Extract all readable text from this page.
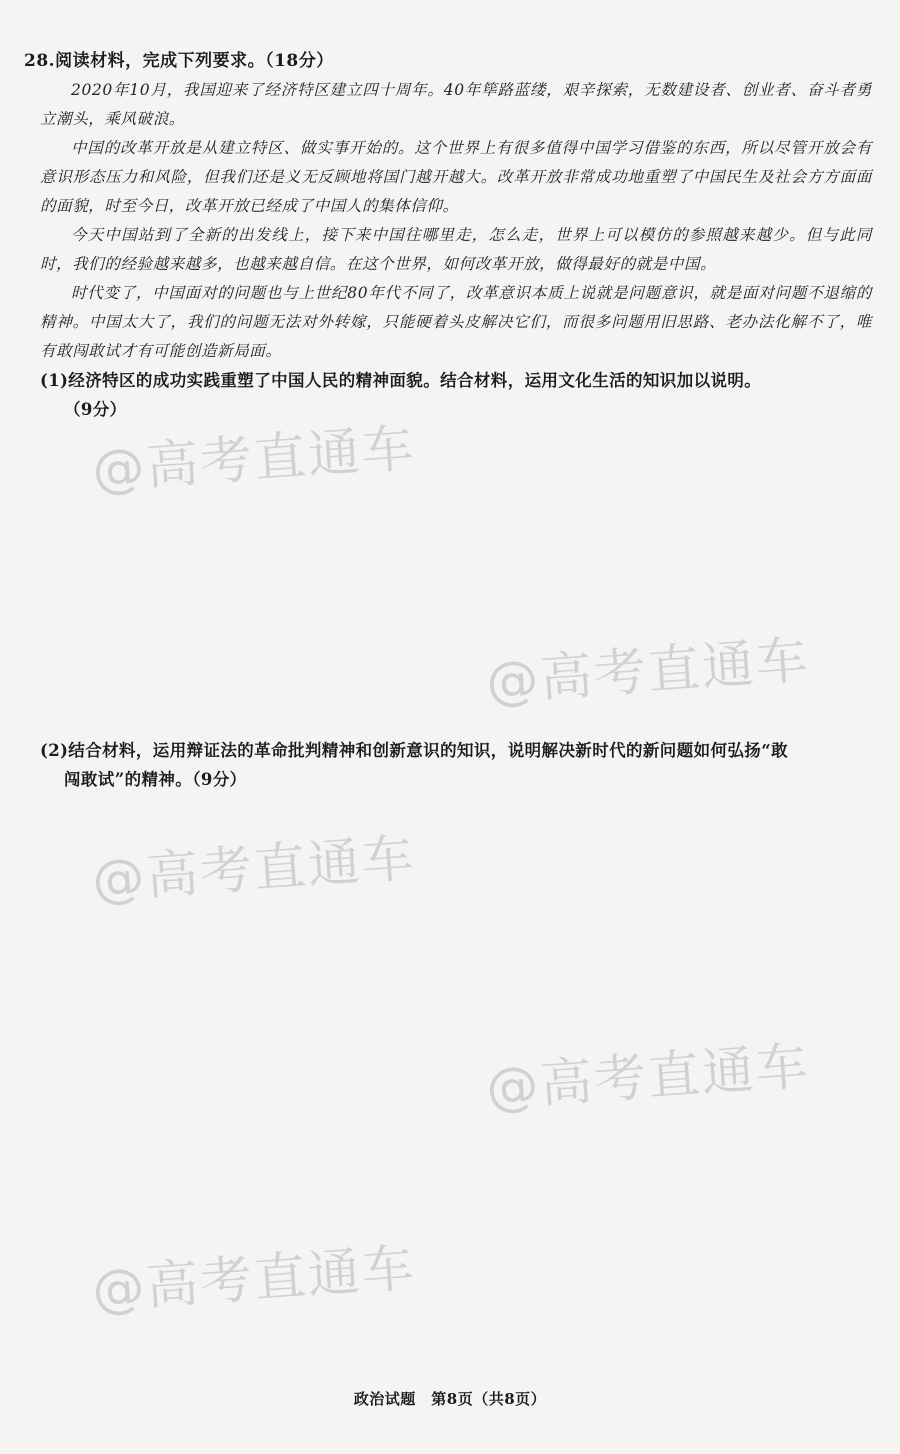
28.阅读材料，完成下列要求。（18分）

2020年10月，我国迎来了经济特区建立四十周年。40年筚路蓝缕，艰辛探索，无数建设者、创业者、奋斗者勇立潮头，乘风破浪。

中国的改革开放是从建立特区、做实事开始的。这个世界上有很多值得中国学习借鉴的东西，所以尽管开放会有意识形态压力和风险，但我们还是义无反顾地将国门越开越大。改革开放非常成功地重塑了中国民生及社会方方面面的面貌，时至今日，改革开放已经成了中国人的集体信仰。

今天中国站到了全新的出发线上，接下来中国往哪里走，怎么走，世界上可以模仿的参照越来越少。但与此同时，我们的经验越来越多，也越来越自信。在这个世界，如何改革开放，做得最好的就是中国。

时代变了，中国面对的问题也与上世纪80年代不同了，改革意识本质上说就是问题意识，就是面对问题不退缩的精神。中国太大了，我们的问题无法对外转嫁，只能硬着头皮解决它们，而很多问题用旧思路、老办法化解不了，唯有敢闯敢试才有可能创造新局面。

(1)经济特区的成功实践重塑了中国人民的精神面貌。结合材料，运用文化生活的知识加以说明。
（9分）
(2)结合材料，运用辩证法的革命批判精神和创新意识的知识，说明解决新时代的新问题如何弘扬“敢
闯敢试”的精神。（9分）
@高考直通车
@高考直通车
@高考直通车
@高考直通车
@高考直通车
政治试题　第8页（共8页）
